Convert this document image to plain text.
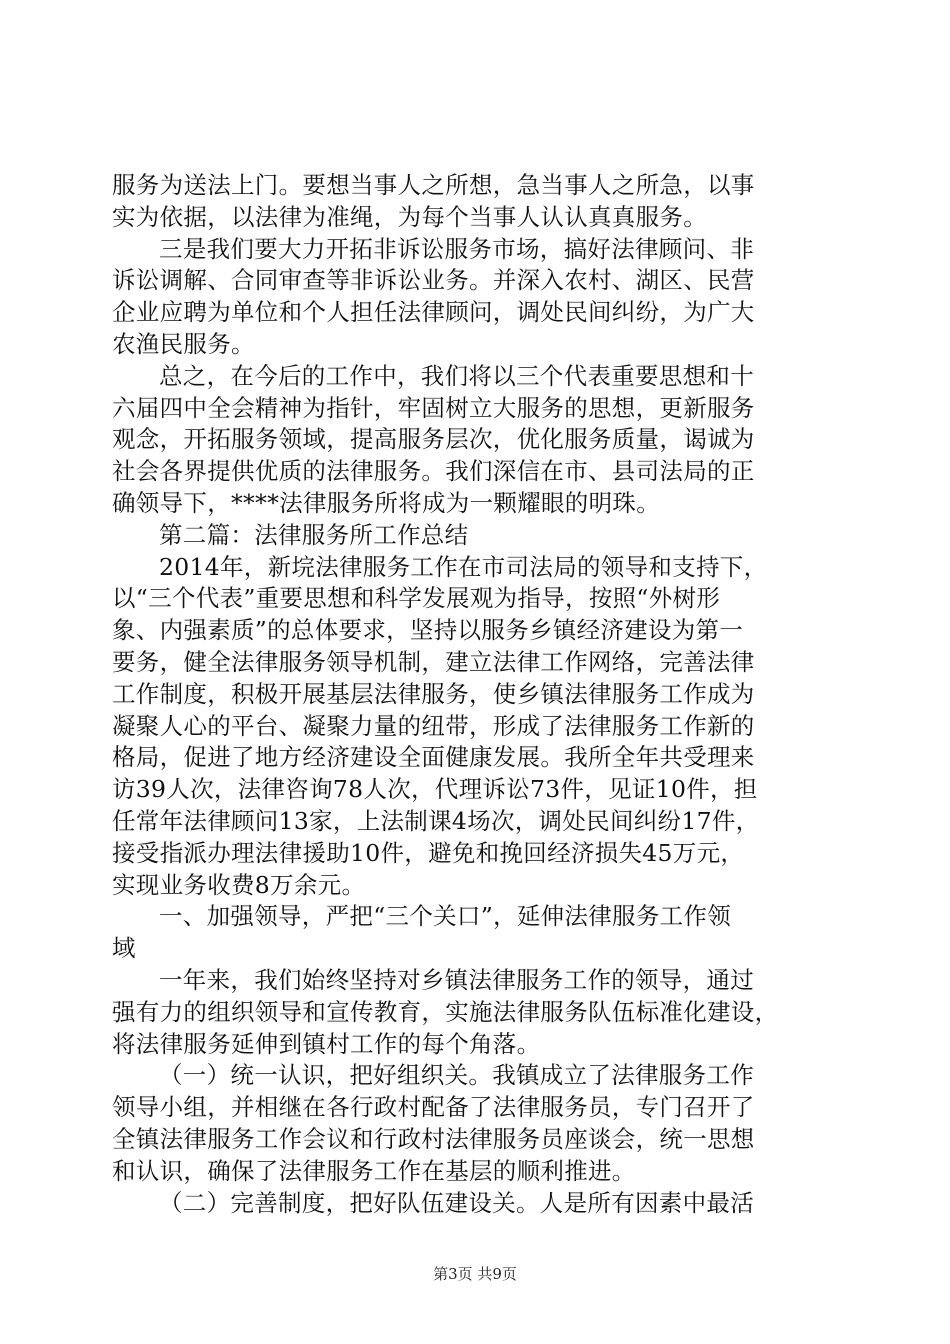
服务为送法上门。要想当事人之所想，急当事人之所急，以事
实为依据，以法律为准绳，为每个当事人认认真真服务。
三是我们要大力开拓非诉讼服务市场，搞好法律顾问、非
诉讼调解、合同审查等非诉讼业务。并深入农村、湖区、民营
企业应聘为单位和个人担任法律顾问，调处民间纠纷，为广大
农渔民服务。
总之，在今后的工作中，我们将以三个代表重要思想和十
六届四中全会精神为指针，牢固树立大服务的思想，更新服务
观念，开拓服务领域，提高服务层次，优化服务质量，谒诚为
社会各界提供优质的法律服务。我们深信在市、县司法局的正
确领导下，****法律服务所将成为一颗耀眼的明珠。
第二篇：法律服务所工作总结
2014年，新垸法律服务工作在市司法局的领导和支持下，
以“三个代表”重要思想和科学发展观为指导，按照“外树形
象、内强素质”的总体要求，坚持以服务乡镇经济建设为第一
要务，健全法律服务领导机制，建立法律工作网络，完善法律
工作制度，积极开展基层法律服务，使乡镇法律服务工作成为
凝聚人心的平台、凝聚力量的纽带，形成了法律服务工作新的
格局，促进了地方经济建设全面健康发展。我所全年共受理来
访39人次，法律咨询78人次，代理诉讼73件，见证10件，担
任常年法律顾问13家，上法制课4场次，调处民间纠纷17件，
接受指派办理法律援助10件，避免和挽回经济损失45万元，
实现业务收费8万余元。
一、加强领导，严把“三个关口”，延伸法律服务工作领
域
一年来，我们始终坚持对乡镇法律服务工作的领导，通过
强有力的组织领导和宣传教育，实施法律服务队伍标准化建设，
将法律服务延伸到镇村工作的每个角落。
（一）统一认识，把好组织关。我镇成立了法律服务工作
领导小组，并相继在各行政村配备了法律服务员，专门召开了
全镇法律服务工作会议和行政村法律服务员座谈会，统一思想
和认识，确保了法律服务工作在基层的顺利推进。
（二）完善制度，把好队伍建设关。人是所有因素中最活
第3页 共9页
